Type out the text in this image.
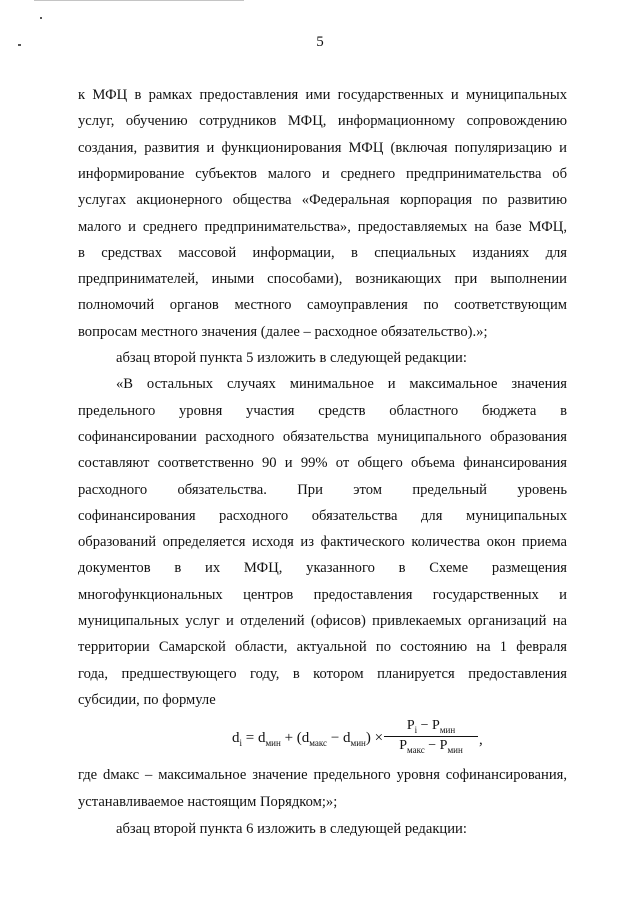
5
к МФЦ в рамках предоставления ими государственных и муниципальных
услуг, обучению сотрудников МФЦ, информационному сопровождению
создания, развития и функционирования МФЦ (включая популяризацию и
информирование субъектов малого и среднего предпринимательства об
услугах акционерного общества «Федеральная корпорация по развитию
малого и среднего предпринимательства», предоставляемых на базе МФЦ,
в средствах массовой информации, в специальных изданиях для
предпринимателей, иными способами), возникающих при выполнении
полномочий органов местного самоуправления по соответствующим
вопросам местного значения (далее – расходное обязательство).»;
абзац второй пункта 5 изложить в следующей редакции:
«В остальных случаях минимальное и максимальное значения
предельного уровня участия средств областного бюджета в
софинансировании расходного обязательства муниципального образования
составляют соответственно 90 и 99% от общего объема финансирования
расходного обязательства. При этом предельный уровень
софинансирования расходного обязательства для муниципальных
образований определяется исходя из фактического количества окон приема
документов в их МФЦ, указанного в Схеме размещения
многофункциональных центров предоставления государственных и
муниципальных услуг и отделений (офисов) привлекаемых организаций на
территории Самарской области, актуальной по состоянию на 1 февраля
года, предшествующего году, в котором планируется предоставления
субсидии, по формуле
$d_i = d_{мин} + (d_{макс} - d_{мин})$ ×
$P_i - P_{мин}$
$P_{макс} - P_{мин}$
,
где dмакс – максимальное значение предельного уровня софинансирования,
устанавливаемое настоящим Порядком;»;
абзац второй пункта 6 изложить в следующей редакции:
